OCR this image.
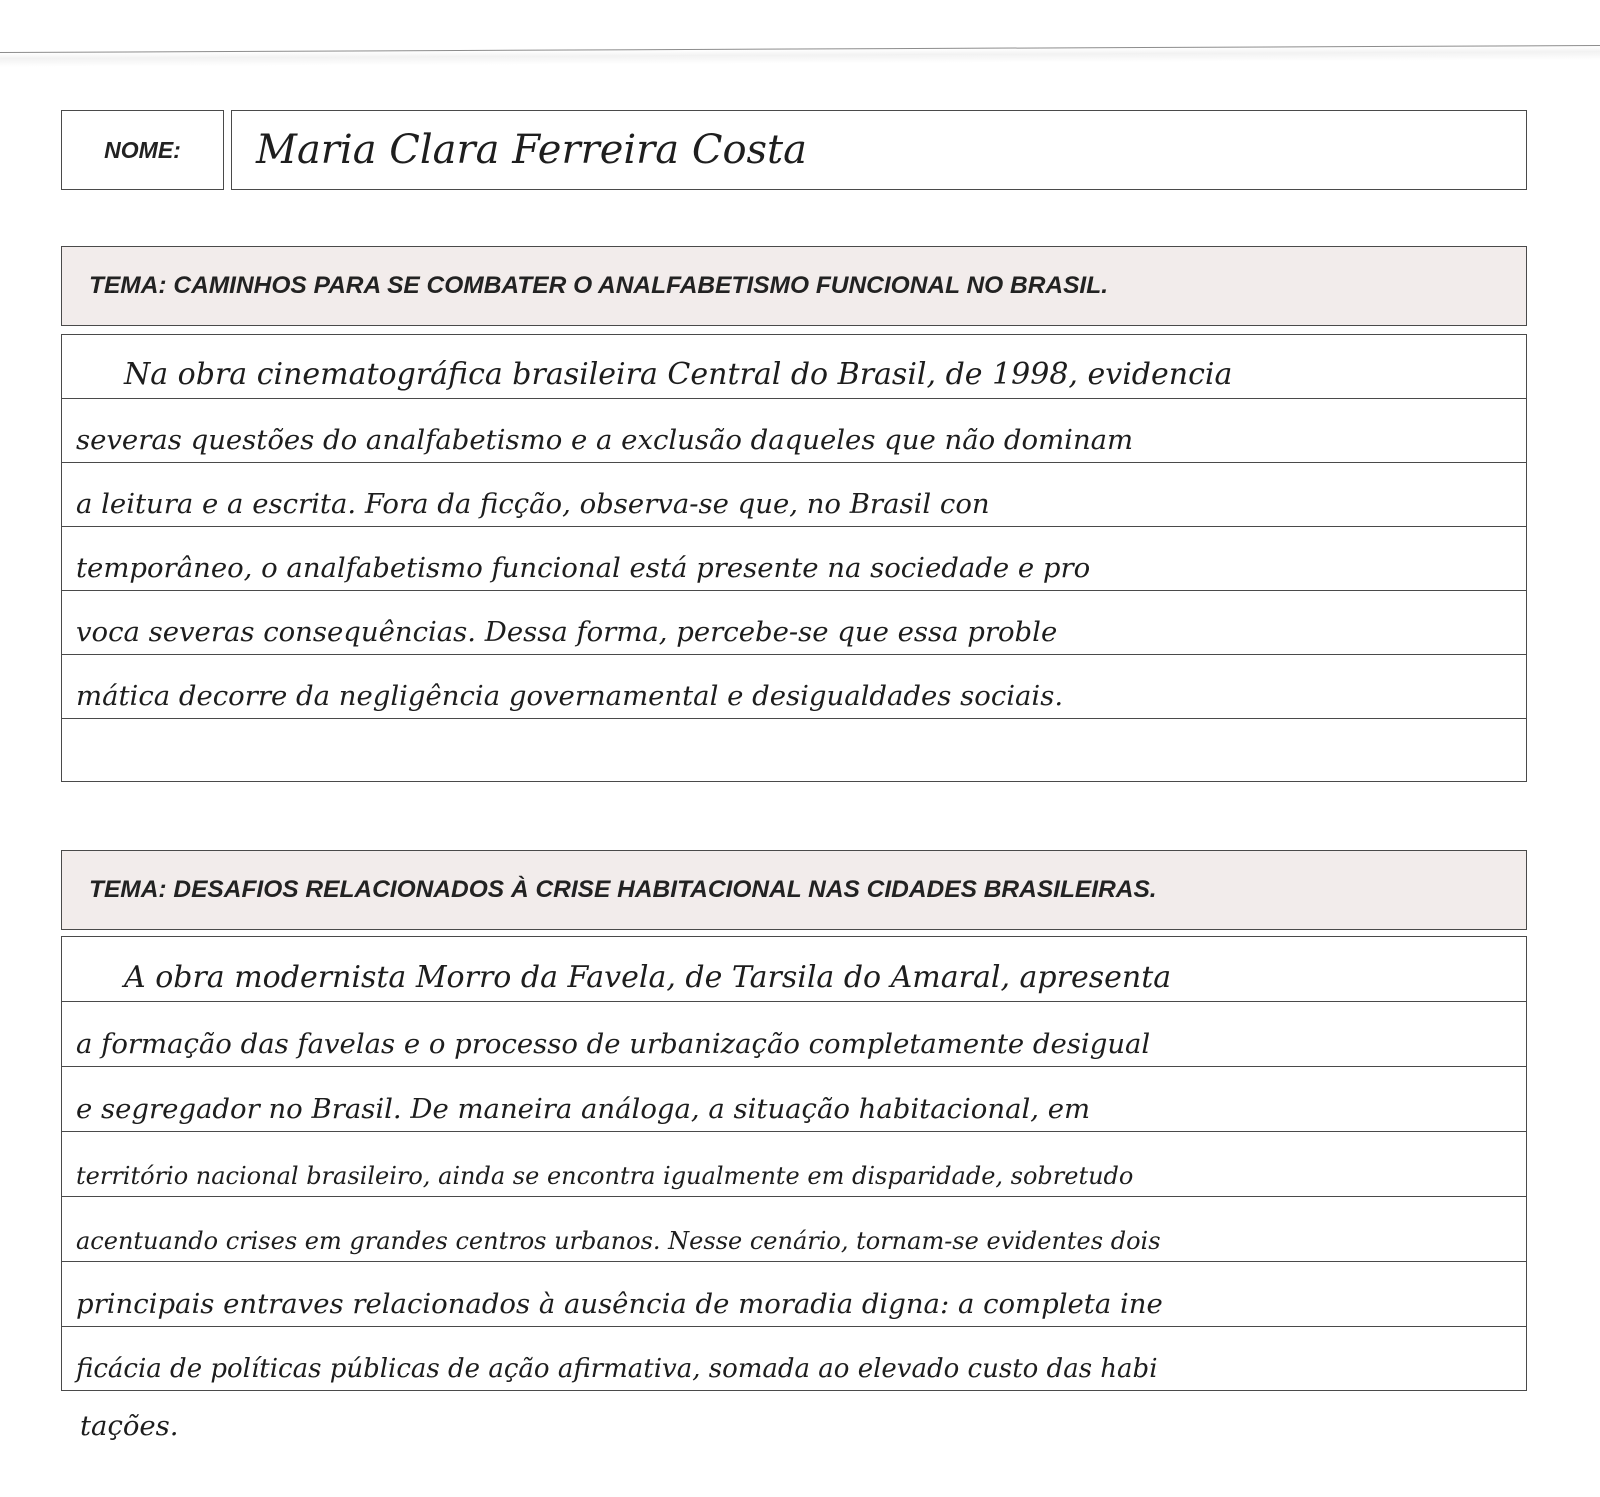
NOME: Maria Clara Ferreira Costa
TEMA: CAMINHOS PARA SE COMBATER O ANALFABETISMO FUNCIONAL NO BRASIL.
Na obra cinematográfica brasileira Central do Brasil, de 1998, evidencia
severas questões do analfabetismo e a exclusão daqueles que não dominam
a leitura e a escrita. Fora da ficção, observa-se que, no Brasil con
temporâneo, o analfabetismo funcional está presente na sociedade e pro
voca severas consequências. Dessa forma, percebe-se que essa proble
mática decorre da negligência governamental e desigualdades sociais.
TEMA: DESAFIOS RELACIONADOS À CRISE HABITACIONAL NAS CIDADES BRASILEIRAS.
A obra modernista Morro da Favela, de Tarsila do Amaral, apresenta
a formação das favelas e o processo de urbanização completamente desigual
e segregador no Brasil. De maneira análoga, a situação habitacional, em
território nacional brasileiro, ainda se encontra igualmente em disparidade, sobretudo
acentuando crises em grandes centros urbanos. Nesse cenário, tornam-se evidentes dois
principais entraves relacionados à ausência de moradia digna: a completa ine
ficácia de políticas públicas de ação afirmativa, somada ao elevado custo das habi
tações.
